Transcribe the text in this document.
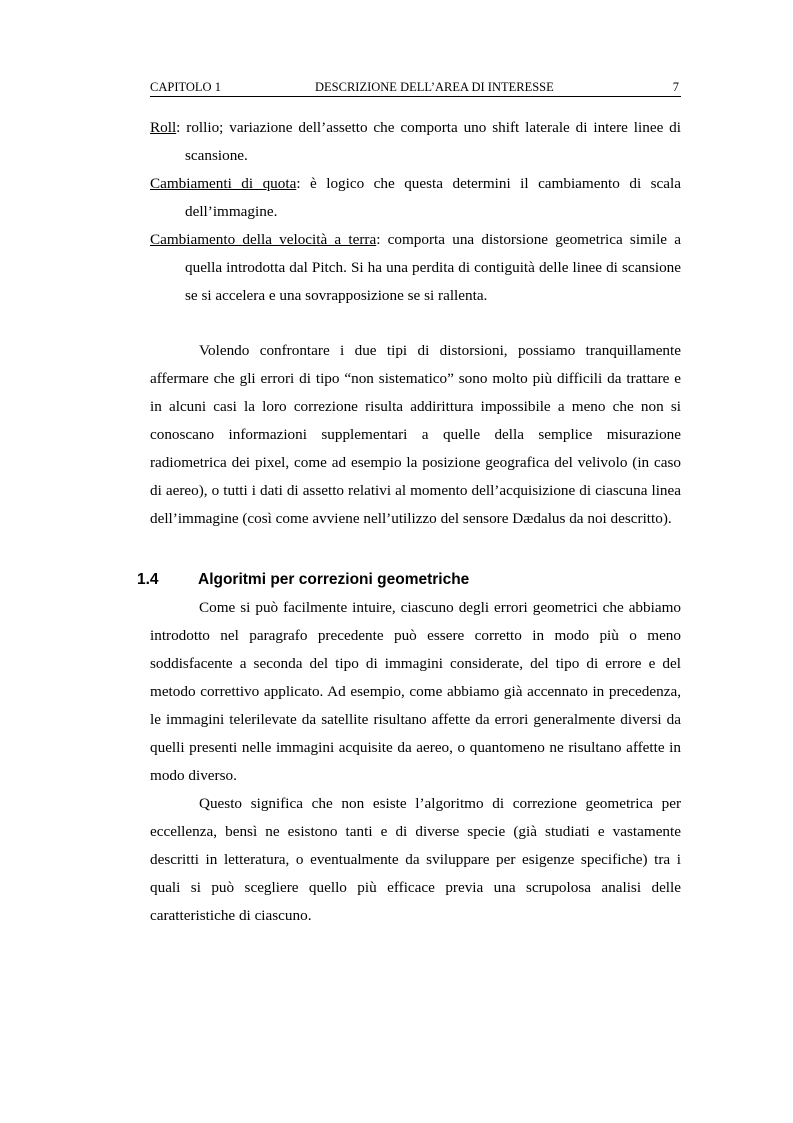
CAPITOLO 1	DESCRIZIONE DELL’AREA DI INTERESSE	7

Roll: rollio; variazione dell’assetto che comporta uno shift laterale di intere linee di scansione.

Cambiamenti di quota: è logico che questa determini il cambiamento di scala dell’immagine.

Cambiamento della velocità a terra: comporta una distorsione geometrica simile a quella introdotta dal Pitch. Si ha una perdita di contiguità delle linee di scansione se si accelera e una sovrapposizione se si rallenta.

Volendo confrontare i due tipi di distorsioni, possiamo tranquillamente affermare che gli errori di tipo “non sistematico” sono molto più difficili da trattare e in alcuni casi la loro correzione risulta addirittura impossibile a meno che non si conoscano informazioni supplementari a quelle della semplice misurazione radiometrica dei pixel, come ad esempio la posizione geografica del velivolo (in caso di aereo), o tutti i dati di assetto relativi al momento dell’acquisizione di ciascuna linea dell’immagine (così come avviene nell’utilizzo del sensore Dædalus da noi descritto).

1.4	Algoritmi per correzioni geometriche

Come si può facilmente intuire, ciascuno degli errori geometrici che abbiamo introdotto nel paragrafo precedente può essere corretto in modo più o meno soddisfacente a seconda del tipo di immagini considerate, del tipo di errore e del metodo correttivo applicato. Ad esempio, come abbiamo già accennato in precedenza, le immagini telerilevate da satellite risultano affette da errori generalmente diversi da quelli presenti nelle immagini acquisite da aereo, o quantomeno ne risultano affette in modo diverso.

Questo significa che non esiste l’algoritmo di correzione geometrica per eccellenza, bensì ne esistono tanti e di diverse specie (già studiati e vastamente descritti in letteratura, o eventualmente da sviluppare per esigenze specifiche) tra i quali si può scegliere quello più efficace previa una scrupolosa analisi delle caratteristiche di ciascuno.
